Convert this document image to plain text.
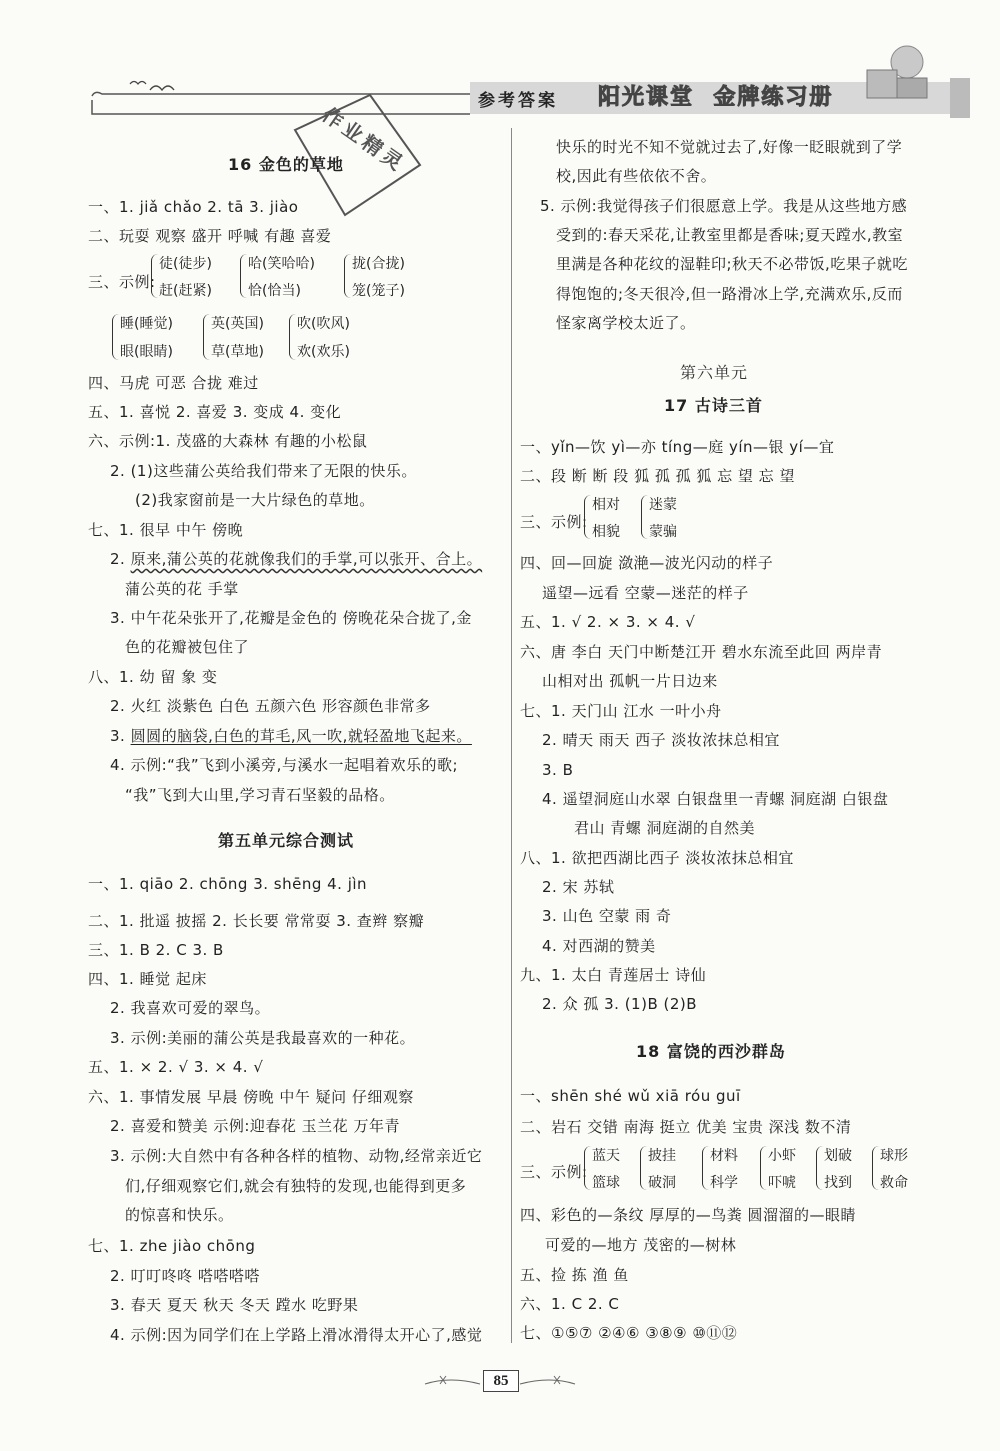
参考答案 阳光课堂  金牌练习册
作业精灵
16 金色的草地
一、1. jiǎ chǎo 2. tā 3. jiào
二、玩耍 观察 盛开 呼喊 有趣 喜爱
三、示例:
徒(徒步)
赶(赶紧)
哈(笑哈哈)
恰(恰当)
拢(合拢)
笼(笼子)
睡(睡觉)
眼(眼睛)
英(英国)
草(草地)
吹(吹风)
欢(欢乐)
四、马虎 可恶 合拢 难过
五、1. 喜悦 2. 喜爱 3. 变成 4. 变化
六、示例:1. 茂盛的大森林 有趣的小松鼠
2. (1)这些蒲公英给我们带来了无限的快乐。
(2)我家窗前是一大片绿色的草地。
七、1. 很早 中午 傍晚
2. 原来,蒲公英的花就像我们的手掌,可以张开、合上。
蒲公英的花 手掌
3. 中午花朵张开了,花瓣是金色的 傍晚花朵合拢了,金
色的花瓣被包住了
八、1. 幼 留 象 变
2. 火红 淡紫色 白色 五颜六色 形容颜色非常多
3. 圆圆的脑袋,白色的茸毛,风一吹,就轻盈地飞起来。
4. 示例:“我”飞到小溪旁,与溪水一起唱着欢乐的歌;
“我”飞到大山里,学习青石坚毅的品格。
第五单元综合测试
一、1. qiāo 2. chōng 3. shēng 4. jìn
二、1. 批遥 披摇 2. 长长要 常常耍 3. 查辫 察瓣
三、1. B 2. C 3. B
四、1. 睡觉 起床
2. 我喜欢可爱的翠鸟。
3. 示例:美丽的蒲公英是我最喜欢的一种花。
五、1. × 2. √ 3. × 4. √
六、1. 事情发展 早晨 傍晚 中午 疑问 仔细观察
2. 喜爱和赞美 示例:迎春花 玉兰花 万年青
3. 示例:大自然中有各种各样的植物、动物,经常亲近它
们,仔细观察它们,就会有独特的发现,也能得到更多
的惊喜和快乐。
七、1. zhe jiào chōng
2. 叮叮咚咚 嗒嗒嗒嗒
3. 春天 夏天 秋天 冬天 蹚水 吃野果
4. 示例:因为同学们在上学路上滑冰滑得太开心了,感觉
快乐的时光不知不觉就过去了,好像一眨眼就到了学
校,因此有些依依不舍。
5. 示例:我觉得孩子们很愿意上学。我是从这些地方感
受到的:春天采花,让教室里都是香味;夏天蹚水,教室
里满是各种花纹的湿鞋印;秋天不必带饭,吃果子就吃
得饱饱的;冬天很冷,但一路滑冰上学,充满欢乐,反而
怪家离学校太近了。
第六单元
17 古诗三首
一、yǐn—饮 yì—亦 tíng—庭 yín—银 yí—宜
二、段 断 断 段 狐 孤 孤 狐 忘 望 忘 望
三、示例:
相对
相貌
迷蒙
蒙骗
四、回—回旋 潋滟—波光闪动的样子
遥望—远看 空蒙—迷茫的样子
五、1. √ 2. × 3. × 4. √
六、唐 李白 天门中断楚江开 碧水东流至此回 两岸青
山相对出 孤帆一片日边来
七、1. 天门山 江水 一叶小舟
2. 晴天 雨天 西子 淡妆浓抹总相宜
3. B
4. 遥望洞庭山水翠 白银盘里一青螺 洞庭湖 白银盘
君山 青螺 洞庭湖的自然美
八、1. 欲把西湖比西子 淡妆浓抹总相宜
2. 宋 苏轼
3. 山色 空蒙 雨 奇
4. 对西湖的赞美
九、1. 太白 青莲居士 诗仙
2. 众 孤 3. (1)B (2)B
18 富饶的西沙群岛
一、shēn shé wǔ xiā róu guī
二、岩石 交错 南海 挺立 优美 宝贵 深浅 数不清
三、示例:
蓝天
篮球
披挂
破洞
材料
科学
小虾
吓唬
划破
找到
球形
救命
四、彩色的—条纹 厚厚的—鸟粪 圆溜溜的—眼睛
可爱的—地方 茂密的—树林
五、捡 拣 渔 鱼
六、1. C 2. C
七、①⑤⑦ ②④⑥ ③⑧⑨ ⑩⑪⑫
85
